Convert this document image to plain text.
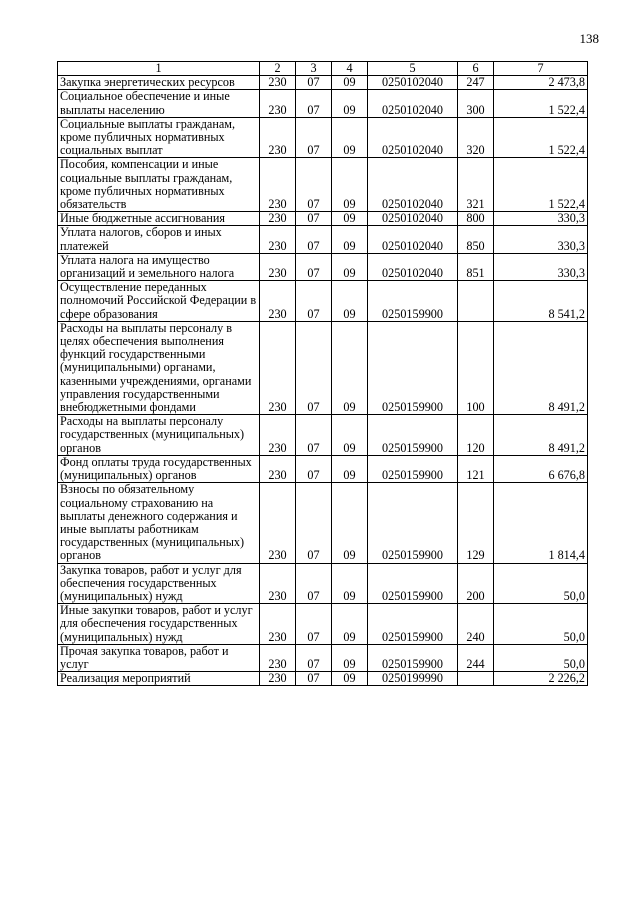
138
1	2	3	4	5	6	7
Закупка энергетических ресурсов	230	07	09	0250102040	247	2 473,8
Социальное обеспечение и иные выплаты населению	230	07	09	0250102040	300	1 522,4
Социальные выплаты гражданам, кроме публичных нормативных социальных выплат	230	07	09	0250102040	320	1 522,4
Пособия, компенсации и иные социальные выплаты гражданам, кроме публичных нормативных обязательств	230	07	09	0250102040	321	1 522,4
Иные бюджетные ассигнования	230	07	09	0250102040	800	330,3
Уплата налогов, сборов и иных платежей	230	07	09	0250102040	850	330,3
Уплата налога на имущество организаций и земельного налога	230	07	09	0250102040	851	330,3
Осуществление переданных полномочий Российской Федерации в сфере образования	230	07	09	0250159900		8 541,2
Расходы на выплаты персоналу в целях обеспечения выполнения функций государственными (муниципальными) органами, казенными учреждениями, органами управления государственными внебюджетными фондами	230	07	09	0250159900	100	8 491,2
Расходы на выплаты персоналу государственных (муниципальных) органов	230	07	09	0250159900	120	8 491,2
Фонд оплаты труда государственных (муниципальных) органов	230	07	09	0250159900	121	6 676,8
Взносы по обязательному социальному страхованию на выплаты денежного содержания и иные выплаты работникам государственных (муниципальных) органов	230	07	09	0250159900	129	1 814,4
Закупка товаров, работ и услуг для обеспечения государственных (муниципальных) нужд	230	07	09	0250159900	200	50,0
Иные закупки товаров, работ и услуг для обеспечения государственных (муниципальных) нужд	230	07	09	0250159900	240	50,0
Прочая закупка товаров, работ и услуг	230	07	09	0250159900	244	50,0
Реализация мероприятий	230	07	09	0250199990		2 226,2
